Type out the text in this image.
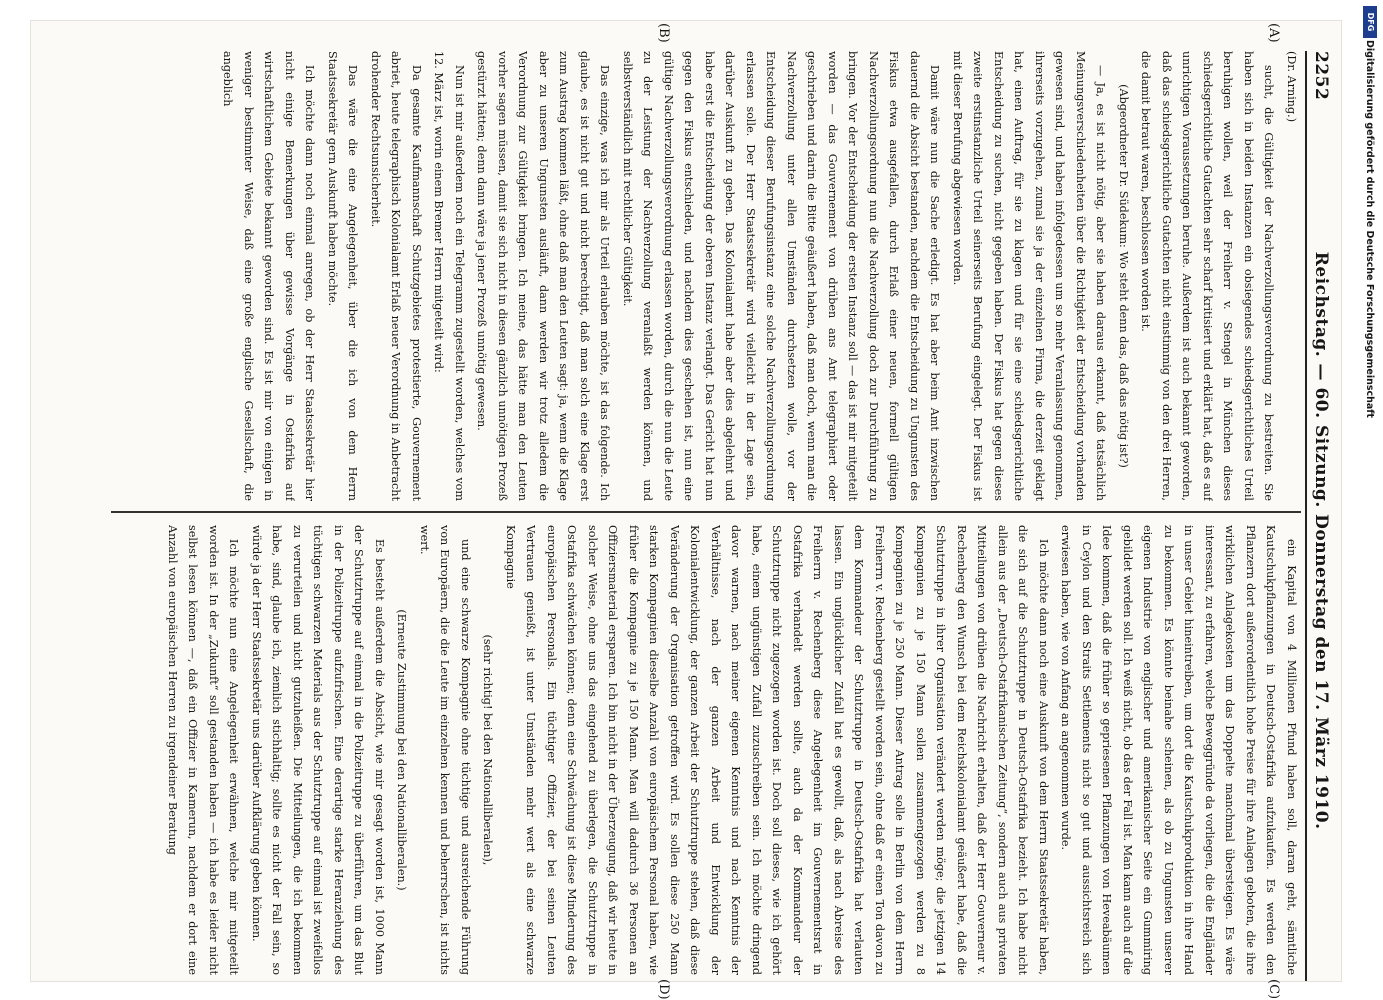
2252
Reichstag. — 60. Sitzung. Donnerstag den 17. März 1910.

(Dr. Arning.)

sucht, die Gültigkeit der Nachverzollungsverordnung zu bestreiten. Sie haben sich in beiden Instanzen ein obsiegendes schiedsgerichtliches Urteil beruhigen wollen, weil der Freiherr v. Stengel in München dieses schiedsgerichtliche Gutachten sehr scharf kritisiert und erklärt hat, daß es auf unrichtigen Voraussetzungen beruhe. Außerdem ist auch bekannt geworden, daß das schiedsgerichtliche Gutachten nicht einstimmig von den drei Herren, die damit betraut waren, beschlossen worden ist.

(Abgeordneter Dr. Südekum: Wo steht denn das, daß das nötig ist?)

— Ja, es ist nicht nötig, aber sie haben daraus erkannt, daß tatsächlich Meinungsverschiedenheiten über die Richtigkeit der Entscheidung vorhanden gewesen sind, und haben infolgedessen um so mehr Veranlassung genommen, ihrerseits vorzugehen, zumal sie ja der einzelnen Firma, die derzeit geklagt hat, einen Auftrag, für sie zu klagen und für sie eine schiedsgerichtliche Entscheidung zu suchen, nicht gegeben haben. Der Fiskus hat gegen dieses zweite erstinstanzliche Urteil seinerseits Berufung eingelegt. Der Fiskus ist mit dieser Berufung abgewiesen worden.

Damit wäre nun die Sache erledigt. Es hat aber beim Amt inzwischen dauernd die Absicht bestanden, nachdem die Entscheidung zu Ungunsten des Fiskus etwa ausgefallen, durch Erlaß einer neuen, formell gültigen Nachverzollungsordnung nun die Nachverzollung doch zur Durchführung zu bringen. Vor der Entscheidung der ersten Instanz soll — das ist mir mitgeteilt worden — das Gouvernement von drüben ans Amt telegraphiert oder geschrieben und darin die Bitte geäußert haben, daß man doch, wenn man die Nachverzollung unter allen Umständen durchsetzen wolle, vor der Entscheidung dieser Berufungsinstanz eine solche Nachverzollungsordnung erlassen solle. Der Herr Staatssekretär wird vielleicht in der Lage sein, darüber Auskunft zu geben. Das Kolonialamt habe aber dies abgelehnt und habe erst die Entscheidung der oberen Instanz verlangt. Das Gericht hat nun gegen den Fiskus entschieden, und nachdem dies geschehen ist, nun eine gültige Nachverzollungsverordnung erlassen worden, durch die nun die Leute zu der Leistung der Nachverzollung veranlaßt werden können, und selbstverständlich mit rechtlicher Gültigkeit.

Das einzige, was ich mir als Urteil erlauben möchte, ist das folgende. Ich glaube, es ist nicht gut und nicht berechtigt, daß man solch eine Klage erst zum Austrag kommen läßt, ohne daß man den Leuten sagt: ja, wenn die Klage aber zu unseren Ungunsten ausläuft, dann werden wir trotz alledem die Verordnung zur Gültigkeit bringen. Ich meine, das hätte man den Leuten vorher sagen müssen, damit sie sich nicht in diesen gänzlich unnötigen Prozeß gestürzt hätten; denn dann wäre ja jener Prozeß unnötig gewesen.

Nun ist mir außerdem noch ein Telegramm zugestellt worden, welches vom 12. März ist, worin einem Bremer Herrn mitgeteilt wird:

Da gesamte Kaufmannschaft Schutzgebietes protestierte, Gouvernement abriet, heute telegraphisch Kolonialamt Erlaß neuer Verordnung in Anbetracht drohender Rechtsunsicherheit.

Das wäre die eine Angelegenheit, über die ich von dem Herrn Staatssekretär gern Auskunft haben möchte.

Ich möchte dann noch einmal anregen, ob der Herr Staatssekretär hier nicht einige Bemerkungen über gewisse Vorgänge in Ostafrika auf wirtschaftlichem Gebiete bekannt geworden sind. Es ist mir von einigen in weniger bestimmter Weise, daß eine große englische Gesellschaft, die angeblich

ein Kapital von 4 Millionen Pfund haben soll, daran geht, sämtliche Kautschukpflanzungen in Deutsch-Ostafrika aufzukaufen. Es werden den Pflanzern dort außerordentlich hohe Preise für ihre Anlagen geboten, die ihre wirklichen Anlagekosten um das Doppelte manchmal übersteigen. Es wäre interessant, zu erfahren, welche Beweggründe da vorliegen, die die Engländer in unser Gebiet hineintreiben, um dort die Kautschukproduktion in ihre Hand zu bekommen. Es könnte beinahe scheinen, als ob zu Ungunsten unserer eigenen Industrie von englischer und amerikanischer Seite ein Gummiring gebildet werden soll. Ich weiß nicht, ob das der Fall ist. Man kann auch auf die Idee kommen, daß die früher so gepriesenen Pflanzungen von Heveabäumen in Ceylon und den Straits Settlements nicht so gut und aussichtsreich sich erwiesen haben, wie von Anfang an angenommen wurde.

Ich möchte dann noch eine Auskunft von dem Herrn Staatssekretär haben, die sich auf die Schutztruppe in Deutsch-Ostafrika bezieht. Ich habe nicht allein aus der „Deutsch-Ostafrikanischen Zeitung“, sondern auch aus privaten Mitteilungen von drüben die Nachricht erhalten, daß der Herr Gouverneur v. Rechenberg den Wunsch bei dem Reichskolonialamt geäußert habe, daß die Schutztruppe in ihrer Organisation verändert werden möge; die jetzigen 14 Kompagnien zu je 150 Mann sollen zusammengezogen werden zu 8 Kompagnien zu je 250 Mann. Dieser Antrag solle in Berlin von dem Herrn Freiherrn v. Rechenberg gestellt worden sein, ohne daß er einen Ton davon zu dem Kommandeur der Schutztruppe in Deutsch-Ostafrika hat verlauten lassen. Ein unglücklicher Zufall hat es gewollt, daß, als nach Abreise des Freiherrn v. Rechenberg diese Angelegenheit im Gouvernementsrat in Ostafrika verhandelt werden sollte, auch da der Kommandeur der Schutztruppe nicht zugezogen worden ist. Doch soll dieses, wie ich gehört habe, einem ungünstigen Zufall zuzuschreiben sein. Ich möchte dringend davor warnen, nach meiner eigenen Kenntnis und nach Kenntnis der Verhältnisse, nach der ganzen Arbeit und Entwicklung der Kolonialentwicklung, der ganzen Arbeit der Schutztruppe stehen, daß diese Veränderung der Organisation getroffen wird. Es sollen diese 250 Mann starken Kompagnien dieselbe Anzahl von europäischem Personal haben, wie früher die Kompagnie zu je 150 Mann. Man will dadurch 36 Personen an Offiziersmaterial ersparen. Ich bin nicht in der Überzeugung, daß wir heute in solcher Weise, ohne uns das eingehend zu überlegen, die Schutztruppe in Ostafrika schwächen können; denn eine Schwächung ist diese Minderung des europäischen Personals. Ein tüchtiger Offizier, der bei seinen Leuten Vertrauen genießt, ist unter Umständen mehr wert als eine schwarze Kompagnie

(sehr richtig! bei den Nationalliberalen),

und eine schwarze Kompagnie ohne tüchtige und ausreichende Führung von Europäern, die die Leute im einzelnen kennen und beherrschen, ist nichts wert.

(Erneute Zustimmung bei den Nationalliberalen.)

Es besteht außerdem die Absicht, wie mir gesagt worden ist, 1000 Mann der Schutztruppe auf einmal in die Polizeitruppe zu überführen, um das Blut in der Polizeitruppe aufzufrischen. Eine derartige starke Heranziehung des tüchtigen schwarzen Materials aus der Schutztruppe auf einmal ist zweifellos zu verurteilen und nicht gutzuheißen. Die Mitteilungen, die ich bekommen habe, sind, glaube ich, ziemlich stichhaltig; sollte es nicht der Fall sein, so würde ja der Herr Staatssekretär uns darüber Aufklärung geben können.

Ich möchte nun eine Angelegenheit erwähnen, welche mir mitgeteilt worden ist. In der „Zukunft“ soll gestanden haben — ich habe es leider nicht selbst lesen können —, daß ein Offizier in Kamerun, nachdem er dort eine Anzahl von europäischen Herren zu irgendeiner Beratung

(A)
(B)
(C)
(D)
DFG
Digitalisierung gefördert durch die Deutsche Forschungsgemeinschaft
